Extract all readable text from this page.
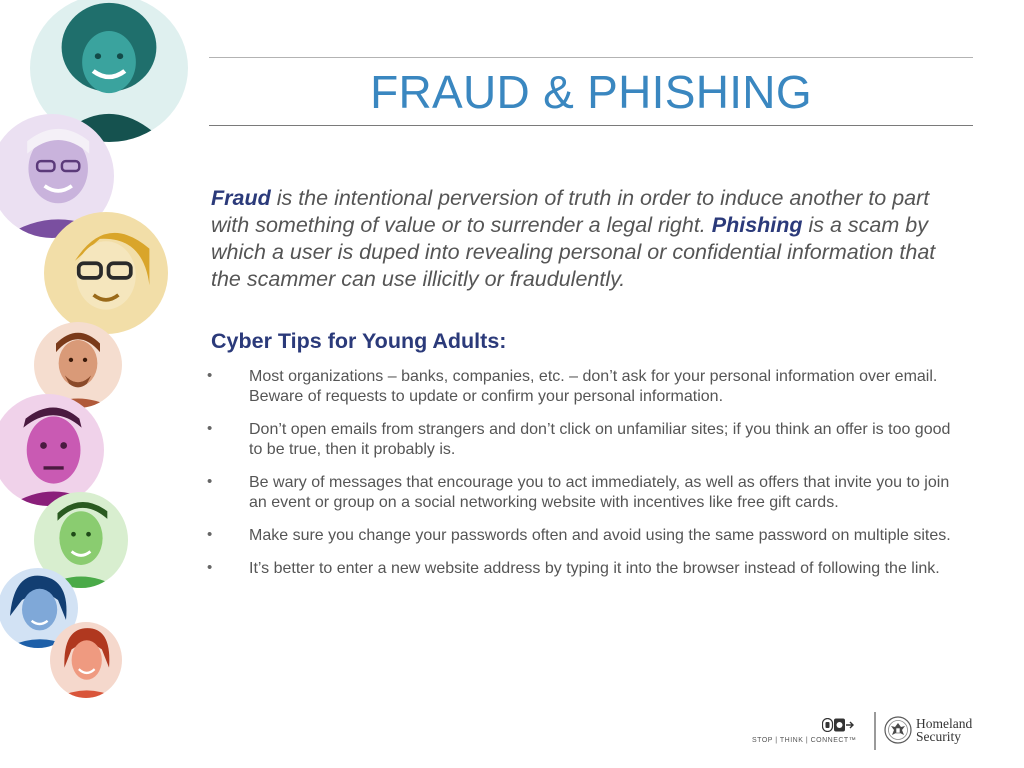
FRAUD & PHISHING

Fraud is the intentional perversion of truth in order to induce another to part with something of value or to surrender a legal right. Phishing is a scam by which a user is duped into revealing personal or confidential information that the scammer can use illicitly or fraudulently.

Cyber Tips for Young Adults:
• Most organizations – banks, companies, etc. – don’t ask for your personal information over email. Beware of requests to update or confirm your personal information.
• Don’t open emails from strangers and don’t click on unfamiliar sites; if you think an offer is too good to be true, then it probably is.
• Be wary of messages that encourage you to act immediately, as well as offers that invite you to join an event or group on a social networking website with incentives like free gift cards.
• Make sure you change your passwords often and avoid using the same password on multiple sites.
• It’s better to enter a new website address by typing it into the browser instead of following the link.
STOP | THINK | CONNECT™
Homeland
Security
